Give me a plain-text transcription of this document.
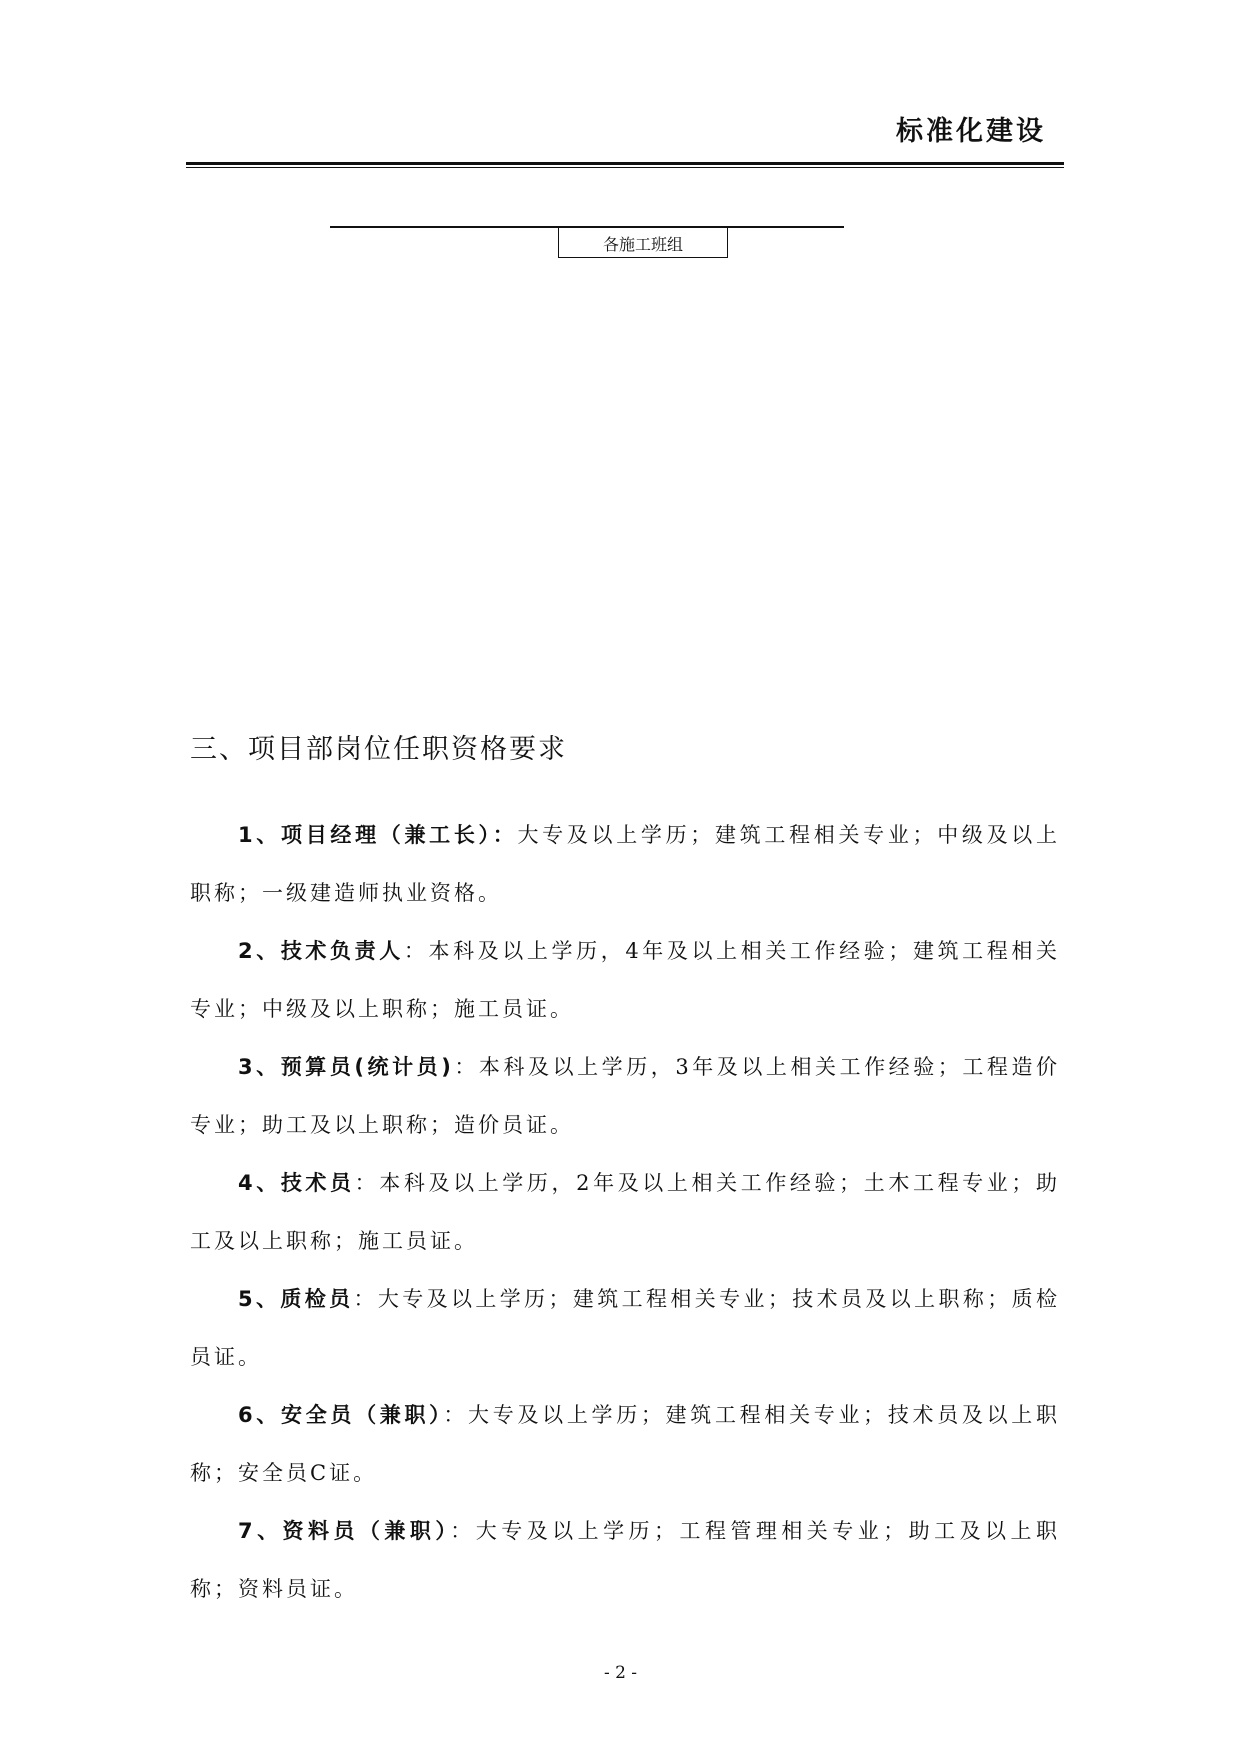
标准化建设
各施工班组
三、项目部岗位任职资格要求

1、项目经理（兼工长）：大专及以上学历；建筑工程相关专业；中级及以上职称；一级建造师执业资格。

2、技术负责人：本科及以上学历，4年及以上相关工作经验；建筑工程相关专业；中级及以上职称；施工员证。

3、预算员(统计员)：本科及以上学历，3年及以上相关工作经验；工程造价专业；助工及以上职称；造价员证。

4、技术员：本科及以上学历，2年及以上相关工作经验；土木工程专业；助工及以上职称；施工员证。

5、质检员：大专及以上学历；建筑工程相关专业；技术员及以上职称；质检员证。

6、安全员（兼职）：大专及以上学历；建筑工程相关专业；技术员及以上职称；安全员C证。

7、资料员（兼职）：大专及以上学历；工程管理相关专业；助工及以上职称；资料员证。

- 2 -
